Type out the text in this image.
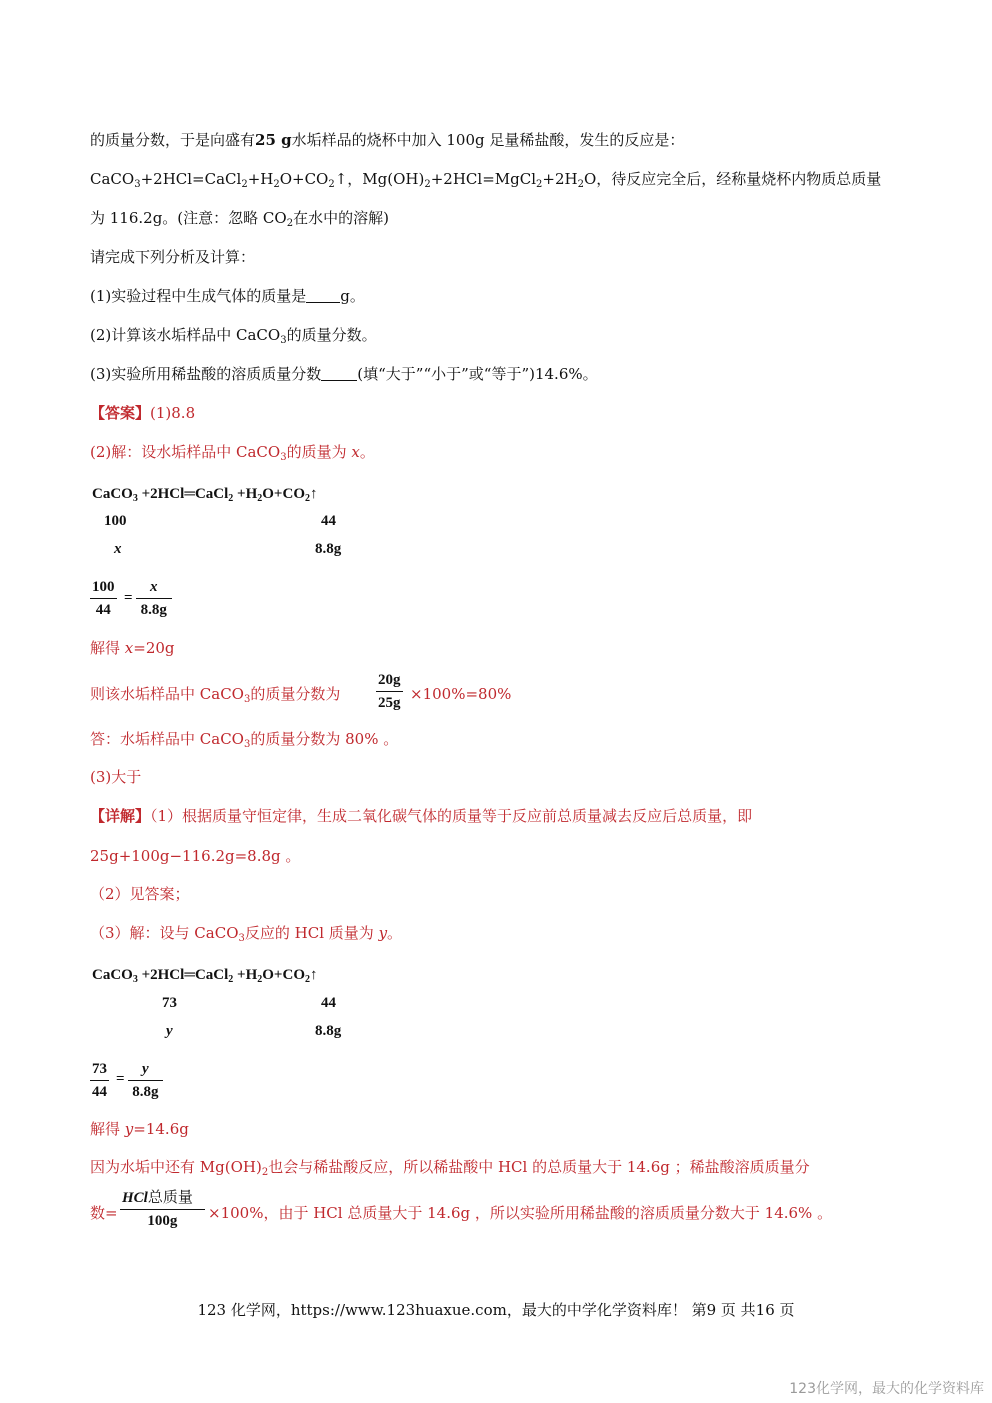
的质量分数，于是向盛有25 g水垢样品的烧杯中加入 100g 足量稀盐酸，发生的反应是：
$CaCO_3+2HCl=CaCl_2+H_2O+CO_2↑$，$Mg(OH)_2+2HCl=MgCl_2+2H_2O$，待反应完全后，经称量烧杯内物质总质量
为 116.2g。(注意：忽略 $CO_2$在水中的溶解)
请完成下列分析及计算：
(1)实验过程中生成气体的质量是 g。
(2)计算该水垢样品中 CaCO$_3$的质量分数。
(3)实验所用稀盐酸的溶质质量分数 (填“大于”“小于”或“等于”)14.6%。
【答案】(1)8.8
(2)解：设水垢样品中 CaCO$_3$的质量为 x。
CaCO$_3$ +2HCl═CaCl$_2$ $+H_2O+CO_2↑$
100	44
x	8.8g
$\frac{100}{44} = \frac{x}{8.8g}$
解得 x=20g
则该水垢样品中 CaCO$_3$的质量分数为 $\frac{20g}{25g} \times 100\%=80\%$
答：水垢样品中 CaCO$_3$的质量分数为 80% 。
(3)大于
【详解】（1）根据质量守恒定律，生成二氧化碳气体的质量等于反应前总质量减去反应后总质量，即
25g+100g−116.2g=8.8g 。
（2）见答案；
（3）解：设与 CaCO$_3$反应的 HCl 质量为 y。
CaCO$_3$ +2HCl═CaCl$_2$ $+H_2O+CO_2↑$
73	44
y	8.8g
$\frac{73}{44} = \frac{y}{8.8g}$
解得 y=14.6g
因为水垢中还有 $Mg(OH)_2$也会与稀盐酸反应，所以稀盐酸中 HCl 的总质量大于 14.6g ；稀盐酸溶质质量分
数=
HCl总质量
100g ×100%，由于 HCl 总质量大于 14.6g ，所以实验所用稀盐酸的溶质质量分数大于 14.6% 。
123 化学网，https://www.123huaxue.com，最大的中学化学资料库！ 第9 页 共16 页
123化学网，最大的化学资料库
